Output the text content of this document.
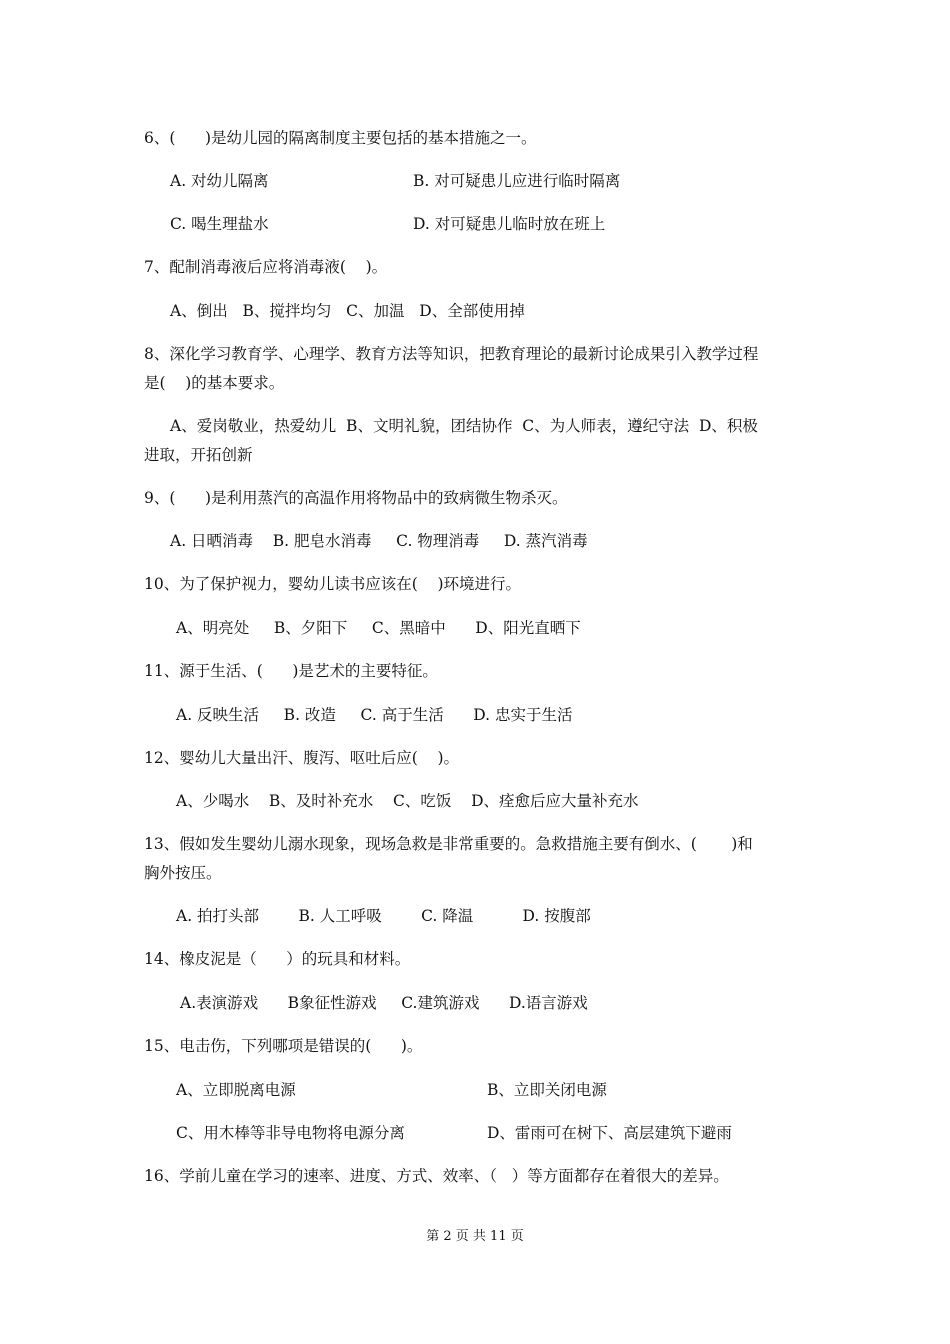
6、(      )是幼儿园的隔离制度主要包括的基本措施之一。
A. 对幼儿隔离	B. 对可疑患儿应进行临时隔离
C. 喝生理盐水	D. 对可疑患儿临时放在班上
7、配制消毒液后应将消毒液(    )。
A、倒出   B、搅拌均匀   C、加温   D、全部使用掉
8、深化学习教育学、心理学、教育方法等知识，把教育理论的最新讨论成果引入教学过程
是(    )的基本要求。
A、爱岗敬业，热爱幼儿  B、文明礼貌，团结协作  C、为人师表，遵纪守法  D、积极
进取，开拓创新
9、(      )是利用蒸汽的高温作用将物品中的致病微生物杀灭。
A. 日晒消毒    B. 肥皂水消毒     C. 物理消毒     D. 蒸汽消毒
10、为了保护视力，婴幼儿读书应该在(    )环境进行。
A、明亮处     B、夕阳下     C、黑暗中      D、阳光直晒下
11、源于生活、(      )是艺术的主要特征。
A. 反映生活     B. 改造     C. 高于生活      D. 忠实于生活
12、婴幼儿大量出汗、腹泻、呕吐后应(    )。
A、少喝水    B、及时补充水    C、吃饭    D、痊愈后应大量补充水
13、假如发生婴幼儿溺水现象，现场急救是非常重要的。急救措施主要有倒水、(       )和
胸外按压。
A. 拍打头部        B. 人工呼吸        C. 降温          D. 按腹部
14、橡皮泥是（      ）的玩具和材料。
A.表演游戏      B象征性游戏     C.建筑游戏      D.语言游戏
15、电击伤，下列哪项是错误的(      )。
A、立即脱离电源	B、立即关闭电源
C、用木棒等非导电物将电源分离	D、雷雨可在树下、高层建筑下避雨
16、学前儿童在学习的速率、进度、方式、效率、（   ）等方面都存在着很大的差异。
第 2 页 共 11 页
